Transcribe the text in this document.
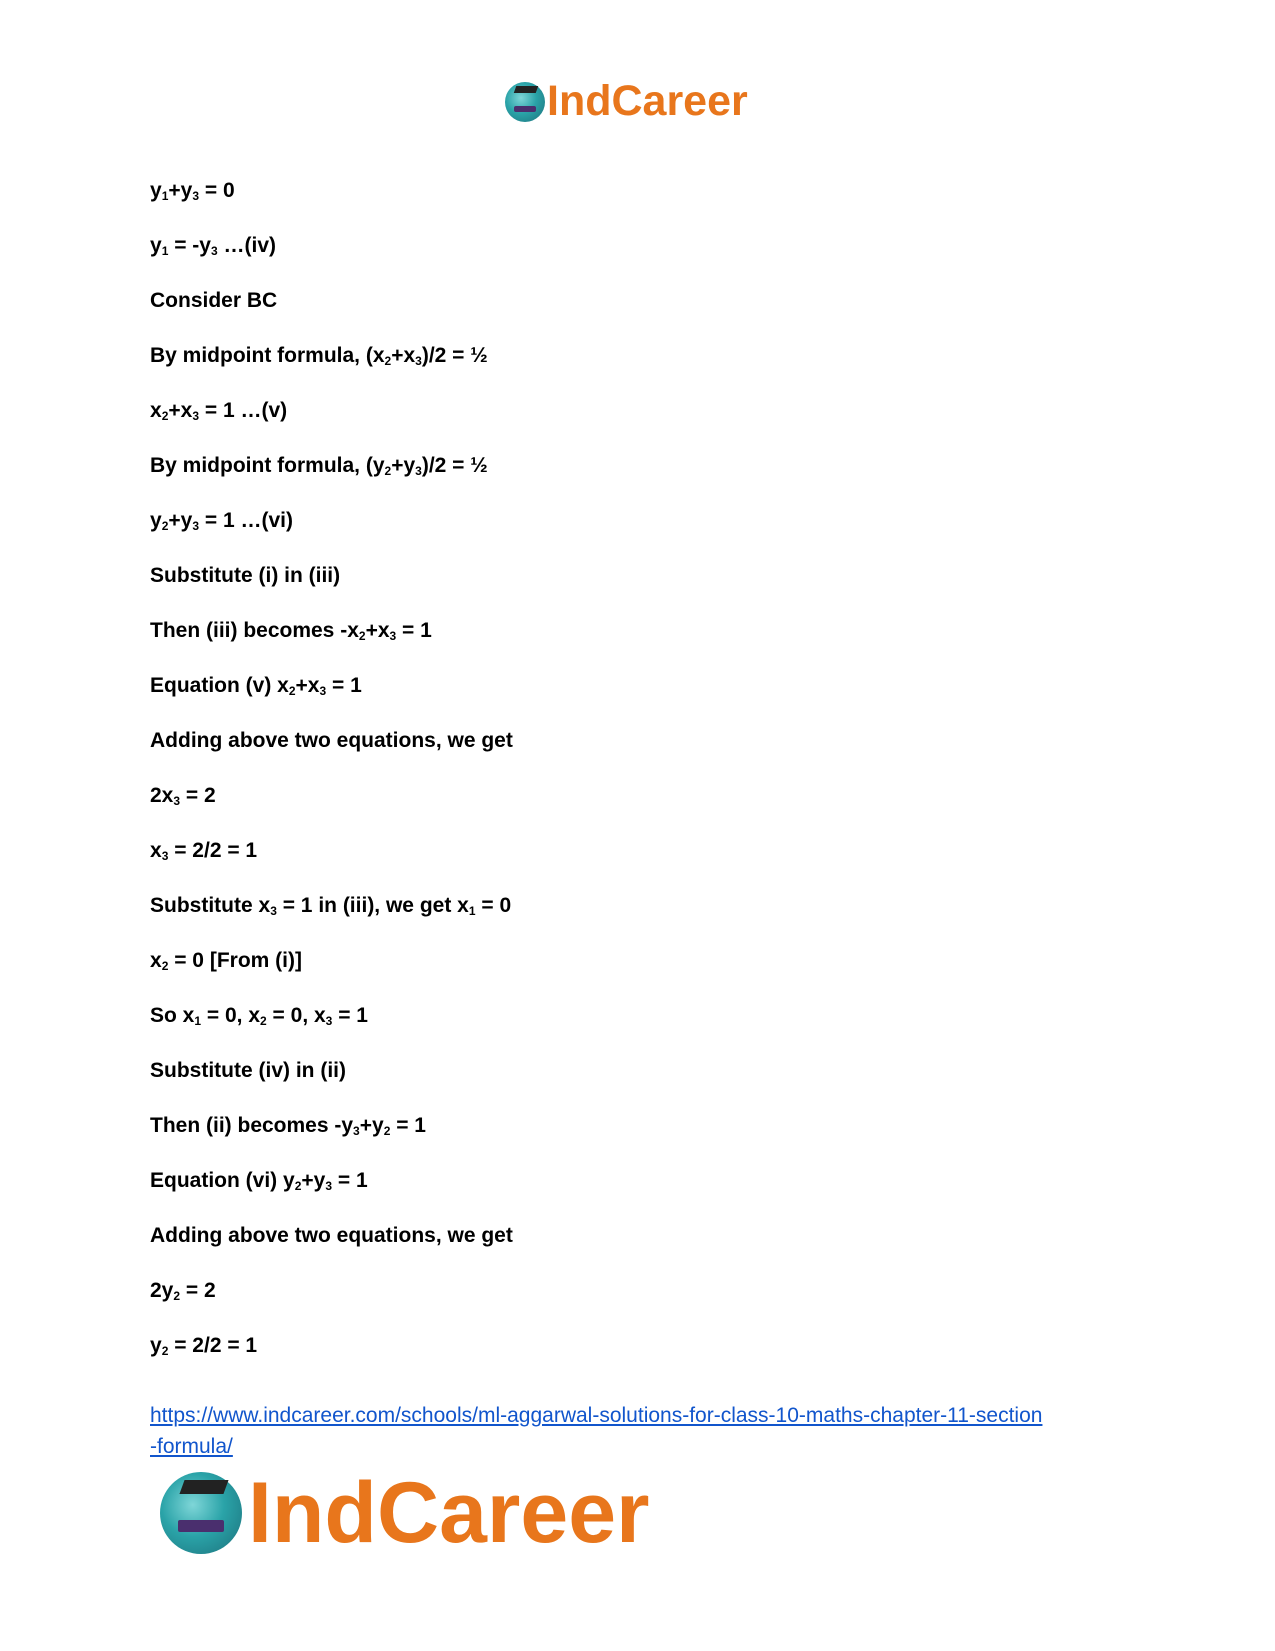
IndCareer
$y_1+y_3 = 0$
$y_1 = -y_3$ …(iv)
Consider BC
By midpoint formula, $(x_2+x_3)/2$ = ½
$x_2+x_3 = 1$ …(v)
By midpoint formula, $(y_2+y_3)/2$ = ½
$y_2+y_3 = 1$ …(vi)
Substitute (i) in (iii)
Then (iii) becomes $-x_2+x_3 = 1$
Equation (v) $x_2+x_3 = 1$
Adding above two equations, we get
$2x_3 = 2$
$x_3 = 2/2 = 1$
Substitute $x_3 = 1$ in (iii), we get $x_1 = 0$
$x_2 = 0$ [From (i)]
So $x_1 = 0$, $x_2 = 0$, $x_3 = 1$
Substitute (iv) in (ii)
Then (ii) becomes $-y_3+y_2 = 1$
Equation (vi) $y_2+y_3 = 1$
Adding above two equations, we get
$2y_2 = 2$
$y_2 = 2/2 = 1$
https://www.indcareer.com/schools/ml-aggarwal-solutions-for-class-10-maths-chapter-11-section
-formula/
IndCareer
